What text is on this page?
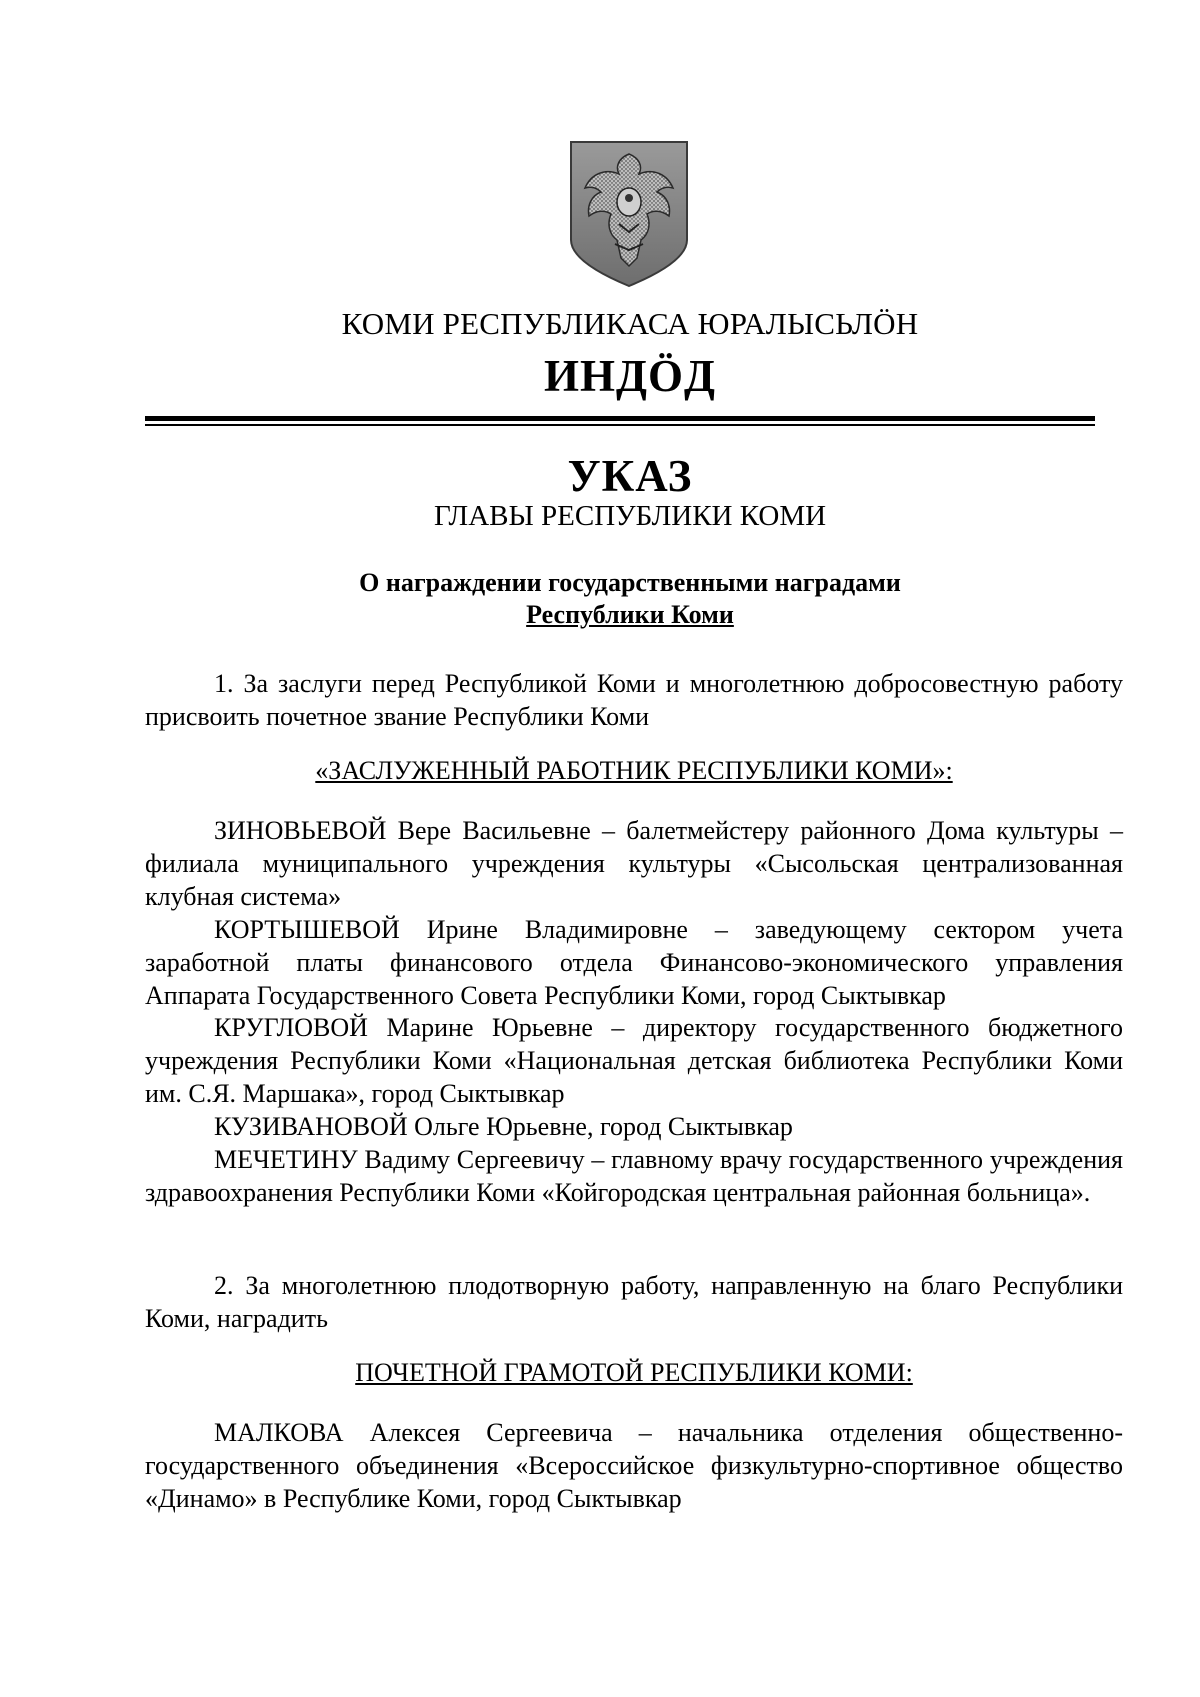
КОМИ РЕСПУБЛИКАСА ЮРАЛЫСЬЛӦН
ИНДӦД
УКАЗ
ГЛАВЫ РЕСПУБЛИКИ КОМИ
О награждении государственными наградами
Республики Коми
1. За заслуги перед Республикой Коми и многолетнюю добросовестную работу присвоить почетное звание Республики Коми
«ЗАСЛУЖЕННЫЙ РАБОТНИК РЕСПУБЛИКИ КОМИ»:
ЗИНОВЬЕВОЙ Вере Васильевне – балетмейстеру районного Дома культуры – филиала муниципального учреждения культуры «Сысольская централизованная клубная система»
КОРТЫШЕВОЙ Ирине Владимировне – заведующему сектором учета заработной платы финансового отдела Финансово-экономического управления Аппарата Государственного Совета Республики Коми, город Сыктывкар
КРУГЛОВОЙ Марине Юрьевне – директору государственного бюджетного учреждения Республики Коми «Национальная детская библиотека Республики Коми им. С.Я. Маршака», город Сыктывкар
КУЗИВАНОВОЙ Ольге Юрьевне, город Сыктывкар
МЕЧЕТИНУ Вадиму Сергеевичу – главному врачу государственного учреждения здравоохранения Республики Коми «Койгородская центральная районная больница».
2. За многолетнюю плодотворную работу, направленную на благо Республики Коми, наградить
ПОЧЕТНОЙ ГРАМОТОЙ РЕСПУБЛИКИ КОМИ:
МАЛКОВА Алексея Сергеевича – начальника отделения общественно-государственного объединения «Всероссийское физкультурно-спортивное общество «Динамо» в Республике Коми, город Сыктывкар
